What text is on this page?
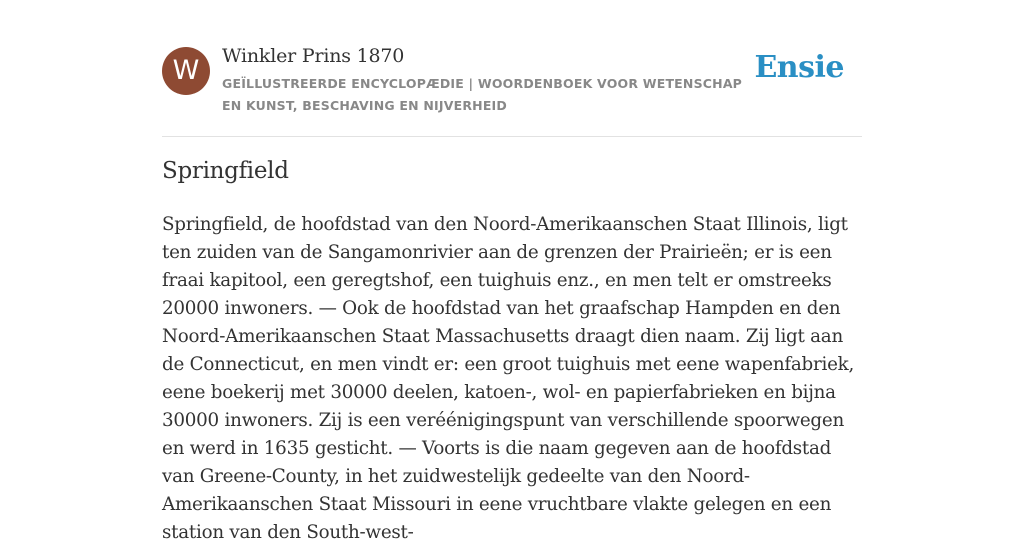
W	Winkler Prins 1870
GEÏLLUSTREERDE ENCYCLOPÆDIE | WOORDENBOEK VOOR WETENSCHAP EN KUNST, BESCHAVING EN NIJVERHEID
Ensie
Springfield

Springfield, de hoofdstad van den Noord-Amerikaanschen Staat Illinois, ligt ten zuiden van de Sangamonrivier aan de grenzen der Prairieën; er is een fraai kapitool, een geregtshof, een tuighuis enz., en men telt er omstreeks 20000 inwoners. — Ook de hoofdstad van het graafschap Hampden en den Noord-Amerikaanschen Staat Massachusetts draagt dien naam. Zij ligt aan de Connecticut, en men vindt er: een groot tuighuis met eene wapenfabriek, eene boekerij met 30000 deelen, katoen-, wol- en papierfabrieken en bijna 30000 inwoners. Zij is een veréénigingspunt van verschillende spoorwegen en werd in 1635 gesticht. — Voorts is die naam gegeven aan de hoofdstad van Greene-County, in het zuidwestelijk gedeelte van den Noord-Amerikaanschen Staat Missouri in eene vruchtbare vlakte gelegen en een station van den South-west-
